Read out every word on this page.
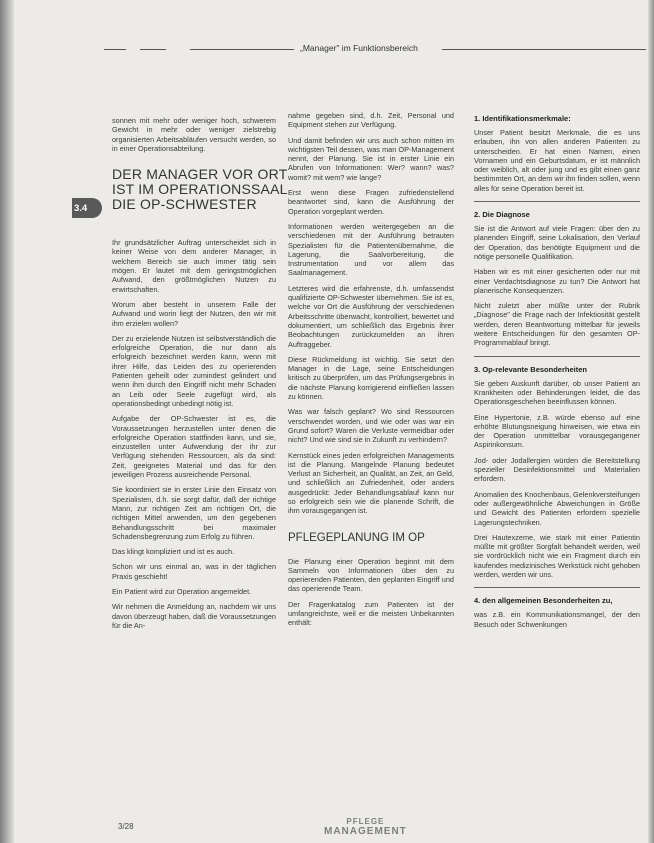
„Manager" im Funktionsbereich
3.4

sonnen mit mehr oder weniger hoch, schwerem Gewicht in mehr oder weniger zielstrebig organisierten Arbeitsabläufen versucht werden, so in einer Operationsabteilung.

DER MANAGER VOR ORT
IST IM OPERATIONSSAAL
DIE OP-SCHWESTER

Ihr grundsätzlicher Auftrag unterscheidet sich in keiner Weise von dem anderer Manager, in welchem Bereich sie auch immer tätig sein mögen. Er lautet mit dem geringstmöglichen Aufwand, den größtmöglichen Nutzen zu erwirtschaften.

Worum aber besteht in unserem Falle der Aufwand und worin liegt der Nutzen, den wir mit ihm erzielen wollen?

Der zu erzielende Nutzen ist selbstverständlich die erfolgreiche Operation, die nur dann als erfolgreich bezeichnet werden kann, wenn mit ihrer Hilfe, das Leiden des zu operierenden Patienten geheilt oder zumindest gelindert und wenn ihm durch den Eingriff nicht mehr Schaden an Leib oder Seele zugefügt wird, als operationsbedingt unbedingt nötig ist.

Aufgabe der OP-Schwester ist es, die Voraussetzungen herzustellen unter denen die erfolgreiche Operation stattfinden kann, und sie, einzustellen unter Aufwendung der ihr zur Verfügung stehenden Ressourcen, als da sind: Zeit, geeignetes Material und das für den jeweiligen Prozess ausreichende Personal.

Sie koordiniert sie in erster Linie den Einsatz von Spezialisten, d.h. sie sorgt dafür, daß der richtige Mann, zur richtigen Zeit am richtigen Ort, die richtigen Mittel anwenden, um den gegebenen Behandlungsschritt bei maximaler Schadensbegrenzung zum Erfolg zu führen.

Das klingt kompliziert und ist es auch.

Schon wir uns einmal an, was in der täglichen Praxis geschieht!

Ein Patient wird zur Operation angemeldet.

Wir nehmen die Anmeldung an, nachdem wir uns davon überzeugt haben, daß die Voraussetzungen für die An-

nahme gegeben sind, d.h. Zeit, Personal und Equipment stehen zur Verfügung.

Und damit befinden wir uns auch schon mitten im wichtigsten Teil dessen, was man OP-Management nennt, der Planung. Sie ist in erster Linie ein Abrufen von Informationen: Wer? wann? was? womit? mit wem? wie lange?

Erst wenn diese Fragen zufriedenstellend beantwortet sind, kann die Ausführung der Operation vorgeplant werden.

Informationen werden weitergegeben an die verschiedenen mit der Ausführung betrauten Spezialisten für die Patientenübernahme, die Lagerung, die Saalvorbereitung, die Instrumentation und vor allem das Saalmanagement.

Letzteres wird die erfahrenste, d.h. umfassendst qualifizierte OP-Schwester übernehmen. Sie ist es, welche vor Ort die Ausführung der verschiedenen Arbeitsschritte überwacht, kontrolliert, bewertet und dokumentiert, um schließlich das Ergebnis ihrer Beobachtungen zurückzumelden an ihren Auftraggeber.

Diese Rückmeldung ist wichtig. Sie setzt den Manager in die Lage, seine Entscheidungen kritisch zu überprüfen, um das Prüfungsergebnis in die nächste Planung korrigierend einfließen lassen zu können.

Was war falsch geplant? Wo sind Ressourcen verschwendet worden, und wie oder was war ein Grund sofort? Waren die Verluste vermeidbar oder nicht? Und wie sind sie in Zukunft zu verhindern?

Kernstück eines jeden erfolgreichen Managements ist die Planung. Mangelnde Planung bedeutet Verlust an Sicherheit, an Qualität, an Zeit, an Geld, und schließlich an Zufriedenheit, oder anders ausgedrückt: Jeder Behandlungsablauf kann nur so erfolgreich sein wie die planende Schrift, die ihm vorausgegangen ist.

PFLEGEPLANUNG IM OP

Die Planung einer Operation beginnt mit dem Sammeln von Informationen über den zu operierenden Patienten, den geplanten Eingriff und das operierende Team.

Der Fragenkatalog zum Patienten ist der umfangreichste, weil er die meisten Unbekannten enthält:

1. Identifikationsmerkmale:

Unser Patient besitzt Merkmale, die es uns erlauben, ihn von allen anderen Patienten zu unterscheiden. Er hat einen Namen, einen Vornamen und ein Geburtsdatum, er ist männlich oder weiblich, alt oder jung und es gibt einen ganz bestimmten Ort, an dem wir ihn finden sollen, wenn alles für seine Operation bereit ist.

2. Die Diagnose

Sie ist die Antwort auf viele Fragen: über den zu planenden Eingriff, seine Lokalisation, den Verlauf der Operation, das benötigte Equipment und die nötige personelle Qualifikation.

Haben wir es mit einer gesicherten oder nur mit einer Verdachtsdiagnose zu tun? Die Antwort hat planerische Konsequenzen.

Nicht zuletzt aber müßte unter der Rubrik „Diagnose" die Frage nach der Infektiosität gestellt werden, deren Beantwortung mittelbar für jeweils weitere Entscheidungen für den gesamten OP-Programmablauf bringt.

3. Op-relevante Besonderheiten

Sie geben Auskunft darüber, ob unser Patient an Krankheiten oder Behinderungen leidet, die das Operationsgeschehen beeinflussen können.

Eine Hypertonie, z.B. würde ebenso auf eine erhöhte Blutungsneigung hinweisen, wie etwa ein der Operation unmittelbar vorausgegangener Aspirinkonsum.

Jod- oder Jodallergien würden die Bereitstellung spezieller Desinfektionsmittel und Materialien erfordern.

Anomalien des Knochenbaus, Gelenkversteifungen oder außergewöhnliche Abweichungen in Größe und Gewicht des Patienten erfordern spezielle Lagerungstechniken.

Drei Hautexzeme, wie stark mit einer Patientin müßte mit größter Sorgfalt behandelt werden, weil sie vordrücklich nicht wie ein Fragment durch ein kaufendes medizinisches Werkstück nicht gehoben werden, werden wir uns.

4. den allgemeinen Besonderheiten zu,

was z.B. ein Kommunikationsmangel, der den Besuch oder Schwenkungen

3/28
PFLEGE
MANAGEMENT
